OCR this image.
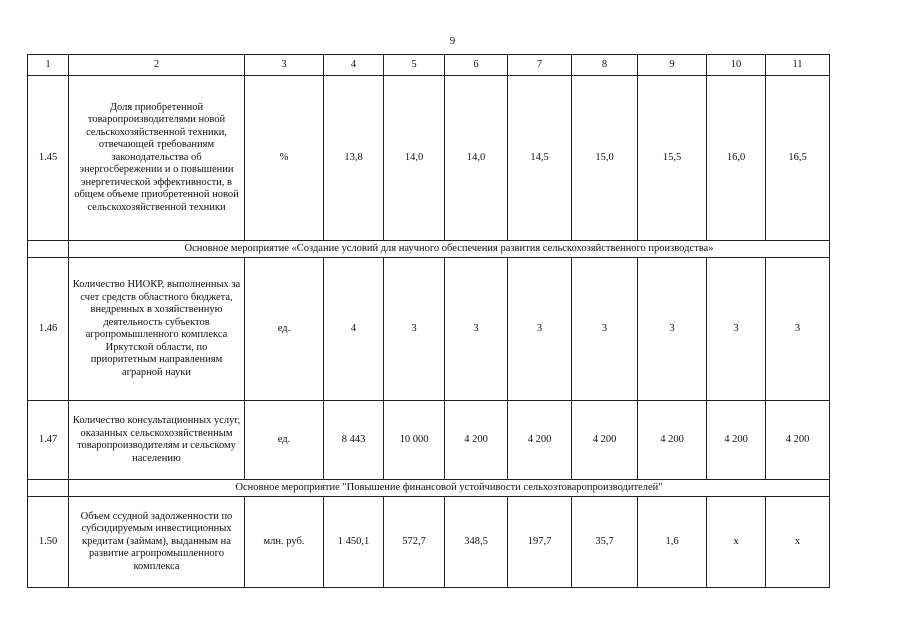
9
1	2	3	4	5	6	7	8	9	10	11
1.45	Доля приобретенной товаропроизводителями новой сельскохозяйственной техники, отвечающей требованиям законодательства об энергосбережении и о повышении энергетической эффективности, в общем объеме приобретенной новой сельскохозяйственной техники	%	13,8	14,0	14,0	14,5	15,0	15,5	16,0	16,5
	Основное мероприятие «Создание условий для научного обеспечения развития сельскохозяйственного производства»									
1.46	Количество НИОКР, выполненных за счет средств областного бюджета, внедренных в хозяйственную деятельность субъектов агропромышленного комплекса Иркутской области, по приоритетным направлениям аграрной науки	ед.	4	3	3	3	3	3	3	3
1.47	Количество консультационных услуг, оказанных сельскохозяйственным товаропроизводителям и сельскому населению	ед.	8 443	10 000	4 200	4 200	4 200	4 200	4 200	4 200
	Основное мероприятие "Повышение финансовой устойчивости сельхозтоваропроизводителей"									
1.50	Объем ссудной задолженности по субсидируемым инвестиционных кредитам (займам), выданным на развитие агропромышленного комплекса	млн. руб.	1 450,1	572,7	348,5	197,7	35,7	1,6	x	x
